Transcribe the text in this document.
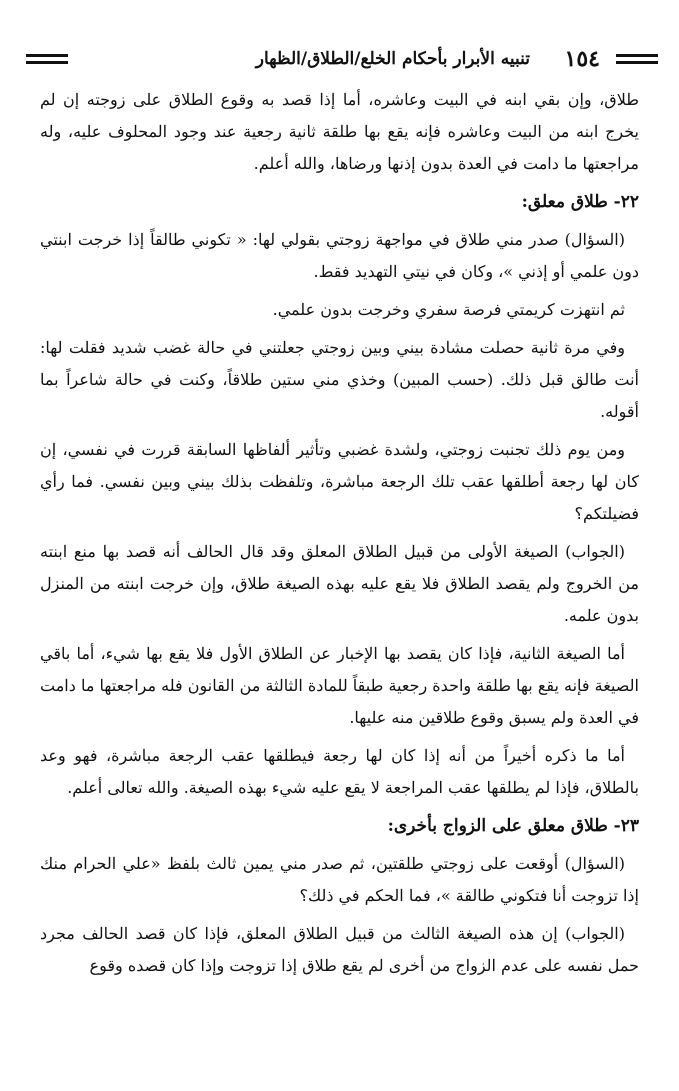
١٥٤
تنبيه الأبرار بأحكام الخلع/الطلاق/الظهار

طلاق، وإن بقي ابنه في البيت وعاشره، أما إذا قصد به وقوع الطلاق على زوجته إن لم يخرج ابنه من البيت وعاشره فإنه يقع بها طلقة ثانية رجعية عند وجود المحلوف عليه، وله مراجعتها ما دامت في العدة بدون إذنها ورضاها، والله أعلم.

٢٢- طلاق معلق:

(السؤال) صدر مني طلاق في مواجهة زوجتي بقولي لها: « تكوني طالقاً إذا خرجت ابنتي دون علمي أو إذني »، وكان في نيتي التهديد فقط.

ثم انتهزت كريمتي فرصة سفري وخرجت بدون علمي.

وفي مرة ثانية حصلت مشادة بيني وبين زوجتي جعلتني في حالة غضب شديد فقلت لها: أنت طالق قبل ذلك. (حسب المبين) وخذي مني ستين طلاقاً، وكنت في حالة شاعراً بما أقوله.

ومن يوم ذلك تجنبت زوجتي، ولشدة غضبي وتأثير ألفاظها السابقة قررت في نفسي، إن كان لها رجعة أطلقها عقب تلك الرجعة مباشرة، وتلفظت بذلك بيني وبين نفسي. فما رأي فضيلتكم؟

(الجواب) الصيغة الأولى من قبيل الطلاق المعلق وقد قال الحالف أنه قصد بها منع ابنته من الخروج ولم يقصد الطلاق فلا يقع عليه بهذه الصيغة طلاق، وإن خرجت ابنته من المنزل بدون علمه.

أما الصيغة الثانية، فإذا كان يقصد بها الإخبار عن الطلاق الأول فلا يقع بها شيء، أما باقي الصيغة فإنه يقع بها طلقة واحدة رجعية طبقاً للمادة الثالثة من القانون فله مراجعتها ما دامت في العدة ولم يسبق وقوع طلاقين منه عليها.

أما ما ذكره أخيراً من أنه إذا كان لها رجعة فيطلقها عقب الرجعة مباشرة، فهو وعد بالطلاق، فإذا لم يطلقها عقب المراجعة لا يقع عليه شيء بهذه الصيغة. والله تعالى أعلم.

٢٣- طلاق معلق على الزواج بأخرى:

(السؤال) أوقعت على زوجتي طلقتين، ثم صدر مني يمين ثالث بلفظ «علي الحرام منك إذا تزوجت أنا فتكوني طالقة »، فما الحكم في ذلك؟

(الجواب) إن هذه الصيغة الثالث من قبيل الطلاق المعلق، فإذا كان قصد الحالف مجرد حمل نفسه على عدم الزواج من أخرى لم يقع طلاق إذا تزوجت وإذا كان قصده وقوع
